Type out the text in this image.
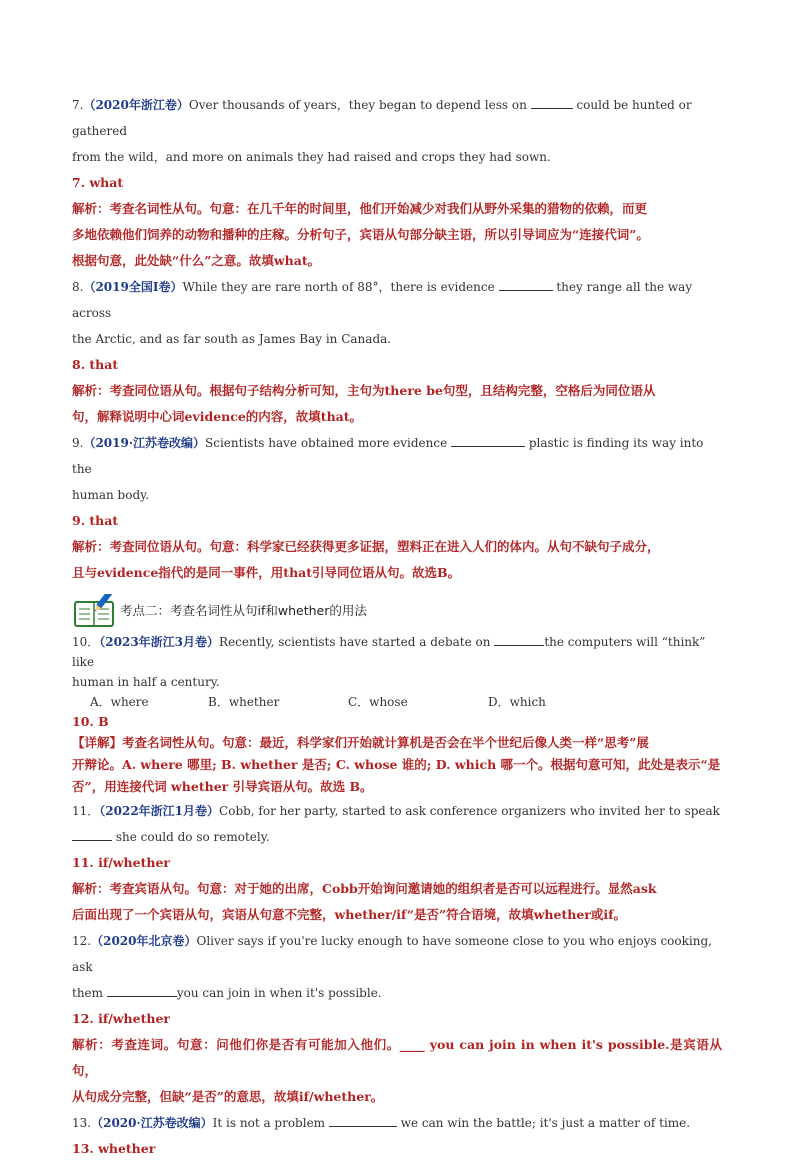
7.（2020年浙江卷）Over thousands of years，they began to depend less on	could be hunted or gathered
from the wild，and more on animals they had raised and crops they had sown.
7. what
解析：考查名词性从句。句意：在几千年的时间里，他们开始减少对我们从野外采集的猎物的依赖，而更
多地依赖他们饲养的动物和播种的庄稼。分析句子，宾语从句部分缺主语，所以引导词应为“连接代词”。
根据句意，此处缺“什么”之意。故填what。
8.（2019全国Ⅰ卷）While they are rare north of 88°，there is evidence	they range all the way across
the Arctic, and as far south as James Bay in Canada.
8. that
解析：考查同位语从句。根据句子结构分析可知，主句为there be句型，且结构完整，空格后为同位语从
句，解释说明中心词evidence的内容，故填that。
9.（2019·江苏卷改编）Scientists have obtained more evidence	plastic is finding its way into the
human body.
9. that
解析：考查同位语从句。句意：科学家已经获得更多证据，塑料正在进入人们的体内。从句不缺句子成分，
且与evidence指代的是同一事件，用that引导同位语从句。故选B。
考点二：考查名词性从句if和whether的用法
10．（2023年浙江3月卷）Recently, scientists have started a debate on	the computers will “think” like
human in half a century.
A．where	B．whether	C．whose	D．which
10. B
【详解】考查名词性从句。句意：最近，科学家们开始就计算机是否会在半个世纪后像人类一样“思考”展
开辩论。A. where 哪里; B. whether 是否; C. whose 谁的; D. which 哪一个。根据句意可知，此处是表示“是
否”，用连接代词 whether 引导宾语从句。故选 B。
11．（2022年浙江1月卷）Cobb, for her party, started to ask conference organizers who invited her to speak
she could do so remotely.
11. if/whether
解析：考查宾语从句。句意：对于她的出席，Cobb开始询问邀请她的组织者是否可以远程进行。显然ask
后面出现了一个宾语从句，宾语从句意不完整，whether/if“是否”符合语境，故填whether或if。
12.（2020年北京卷）Oliver says if you're lucky enough to have someone close to you who enjoys cooking, ask
them	you can join in when it's possible.
12. if/whether
解析：考查连词。句意：问他们你是否有可能加入他们。____ you can join in when it's possible.是宾语从句，
从句成分完整，但缺“是否”的意思，故填if/whether。
13.（2020·江苏卷改编）It is not a problem	we can win the battle; it's just a matter of time.
13. whether
